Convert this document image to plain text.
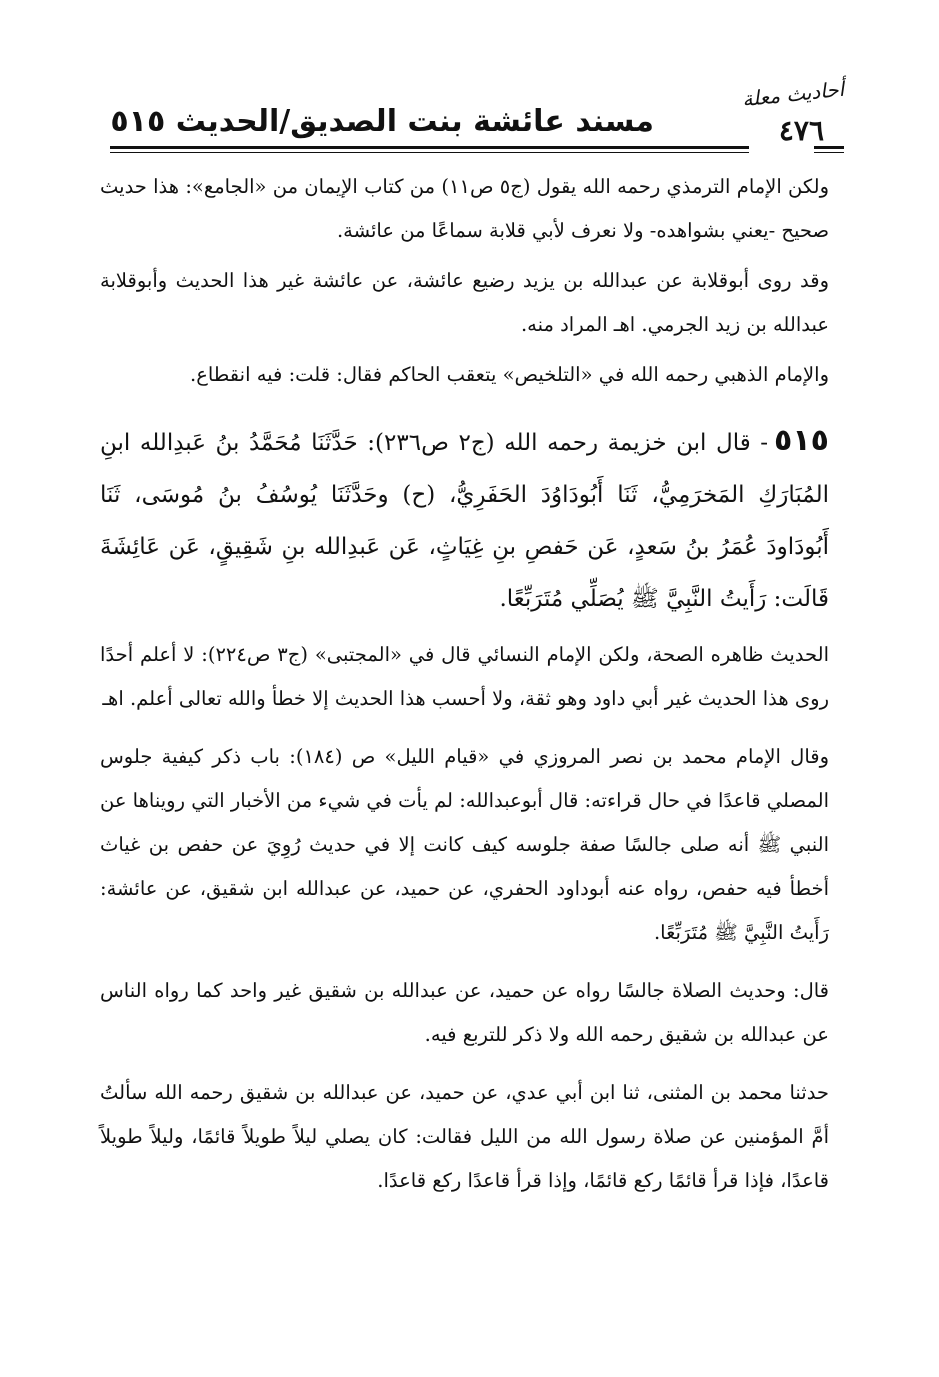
أحاديث معلة
٤٧٦
مسند عائشة بنت الصديق/الحديث ٥١٥

ولكن الإمام الترمذي رحمه الله يقول (ج٥ ص١١) من كتاب الإيمان من «الجامع»: هذا حديث صحيح -يعني بشواهده- ولا نعرف لأبي قلابة سماعًا من عائشة.

وقد روى أبوقلابة عن عبدالله بن يزيد رضيع عائشة، عن عائشة غير هذا الحديث وأبوقلابة عبدالله بن زيد الجرمي. اهـ المراد منه.

والإمام الذهبي رحمه الله في «التلخيص» يتعقب الحاكم فقال: قلت: فيه انقطاع.

٥١٥- قال ابن خزيمة رحمه الله (ج٢ ص٢٣٦): حَدَّثَنَا مُحَمَّدُ بنُ عَبدِالله ابنِ المُبَارَكِ المَخرَمِيُّ، ثَنَا أَبُودَاوُدَ الحَفَرِيُّ، (ح) وحَدَّثَنَا يُوسُفُ بنُ مُوسَى، ثَنَا أَبُودَاودَ عُمَرُ بنُ سَعدٍ، عَن حَفصِ بنِ غِيَاثٍ، عَن عَبدِالله بنِ شَقِيقٍ، عَن عَائِشَةَ قَالَت: رَأَيتُ النَّبِيَّ ﷺ يُصَلِّي مُتَرَبِّعًا.

الحديث ظاهره الصحة، ولكن الإمام النسائي قال في «المجتبى» (ج٣ ص٢٢٤): لا أعلم أحدًا روى هذا الحديث غير أبي داود وهو ثقة، ولا أحسب هذا الحديث إلا خطأ والله تعالى أعلم. اهـ

وقال الإمام محمد بن نصر المروزي في «قيام الليل» ص (١٨٤): باب ذكر كيفية جلوس المصلي قاعدًا في حال قراءته: قال أبوعبدالله: لم يأت في شيء من الأخبار التي رويناها عن النبي ﷺ أنه صلى جالسًا صفة جلوسه كيف كانت إلا في حديث رُوِيَ عن حفص بن غياث أخطأ فيه حفص، رواه عنه أبوداود الحفري، عن حميد، عن عبدالله ابن شقيق، عن عائشة: رَأَيتُ النَّبِيَّ ﷺ مُتَرَبِّعًا.

قال: وحديث الصلاة جالسًا رواه عن حميد، عن عبدالله بن شقيق غير واحد كما رواه الناس عن عبدالله بن شقيق رحمه الله ولا ذكر للتربع فيه.

حدثنا محمد بن المثنى، ثنا ابن أبي عدي، عن حميد، عن عبدالله بن شقيق رحمه الله سألتُ أمَّ المؤمنين عن صلاة رسول الله من الليل فقالت: كان يصلي ليلاً طويلاً قائمًا، وليلاً طويلاً قاعدًا، فإذا قرأ قائمًا ركع قائمًا، وإذا قرأ قاعدًا ركع قاعدًا.
